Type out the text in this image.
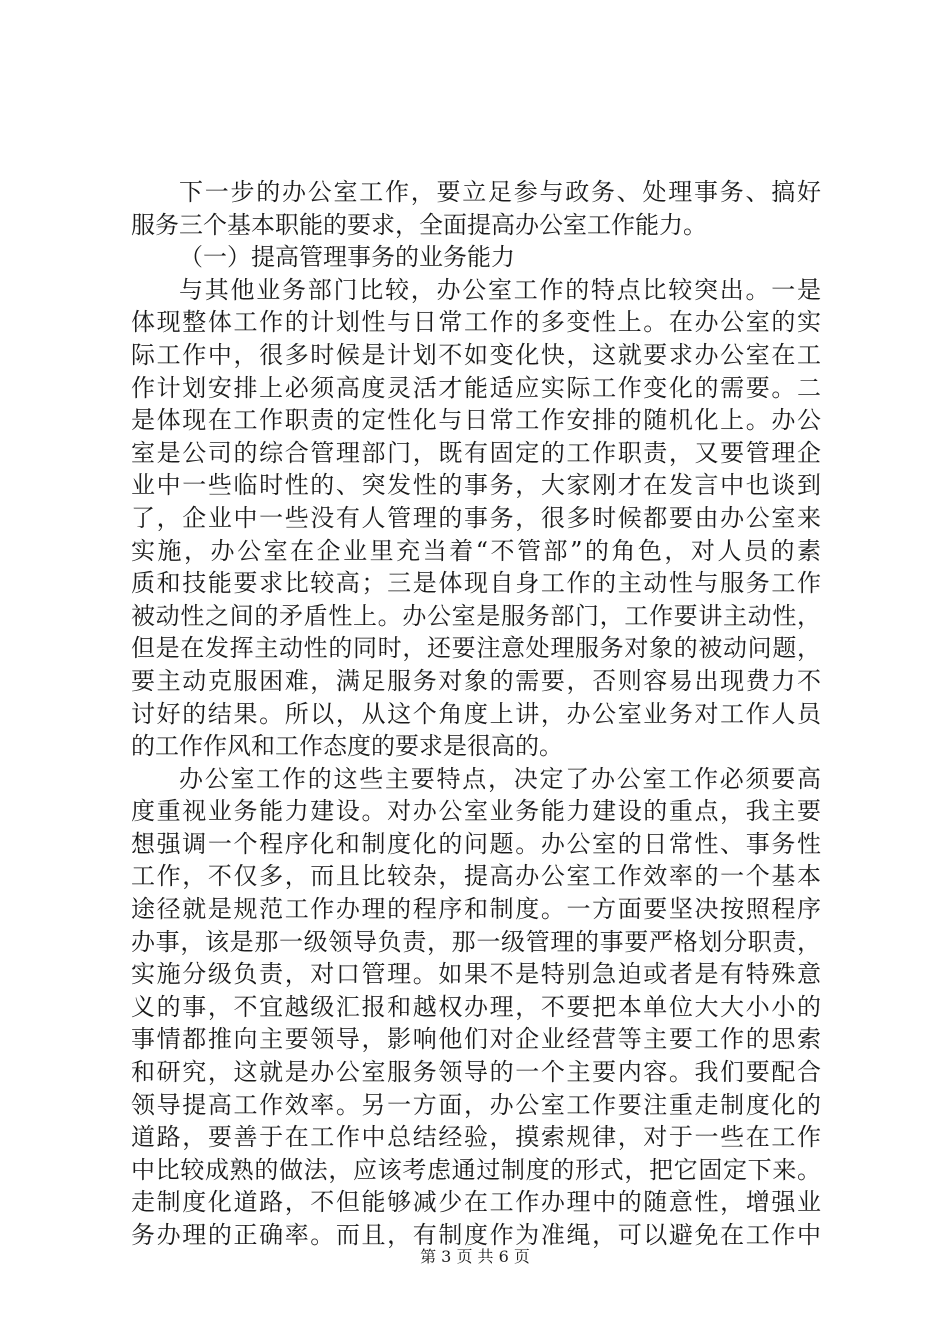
下一步的办公室工作，要立足参与政务、处理事务、搞好
服务三个基本职能的要求，全面提高办公室工作能力。
（一）提高管理事务的业务能力
与其他业务部门比较，办公室工作的特点比较突出。一是
体现整体工作的计划性与日常工作的多变性上。在办公室的实
际工作中，很多时候是计划不如变化快，这就要求办公室在工
作计划安排上必须高度灵活才能适应实际工作变化的需要。二
是体现在工作职责的定性化与日常工作安排的随机化上。办公
室是公司的综合管理部门，既有固定的工作职责，又要管理企
业中一些临时性的、突发性的事务，大家刚才在发言中也谈到
了，企业中一些没有人管理的事务，很多时候都要由办公室来
实施，办公室在企业里充当着“不管部”的角色，对人员的素
质和技能要求比较高；三是体现自身工作的主动性与服务工作
被动性之间的矛盾性上。办公室是服务部门，工作要讲主动性，
但是在发挥主动性的同时，还要注意处理服务对象的被动问题，
要主动克服困难，满足服务对象的需要，否则容易出现费力不
讨好的结果。所以，从这个角度上讲，办公室业务对工作人员
的工作作风和工作态度的要求是很高的。
办公室工作的这些主要特点，决定了办公室工作必须要高
度重视业务能力建设。对办公室业务能力建设的重点，我主要
想强调一个程序化和制度化的问题。办公室的日常性、事务性
工作，不仅多，而且比较杂，提高办公室工作效率的一个基本
途径就是规范工作办理的程序和制度。一方面要坚决按照程序
办事，该是那一级领导负责，那一级管理的事要严格划分职责，
实施分级负责，对口管理。如果不是特别急迫或者是有特殊意
义的事，不宜越级汇报和越权办理，不要把本单位大大小小的
事情都推向主要领导，影响他们对企业经营等主要工作的思索
和研究，这就是办公室服务领导的一个主要内容。我们要配合
领导提高工作效率。另一方面，办公室工作要注重走制度化的
道路，要善于在工作中总结经验，摸索规律，对于一些在工作
中比较成熟的做法，应该考虑通过制度的形式，把它固定下来。
走制度化道路，不但能够减少在工作办理中的随意性，增强业
务办理的正确率。而且，有制度作为准绳，可以避免在工作中
第 3 页 共 6 页
